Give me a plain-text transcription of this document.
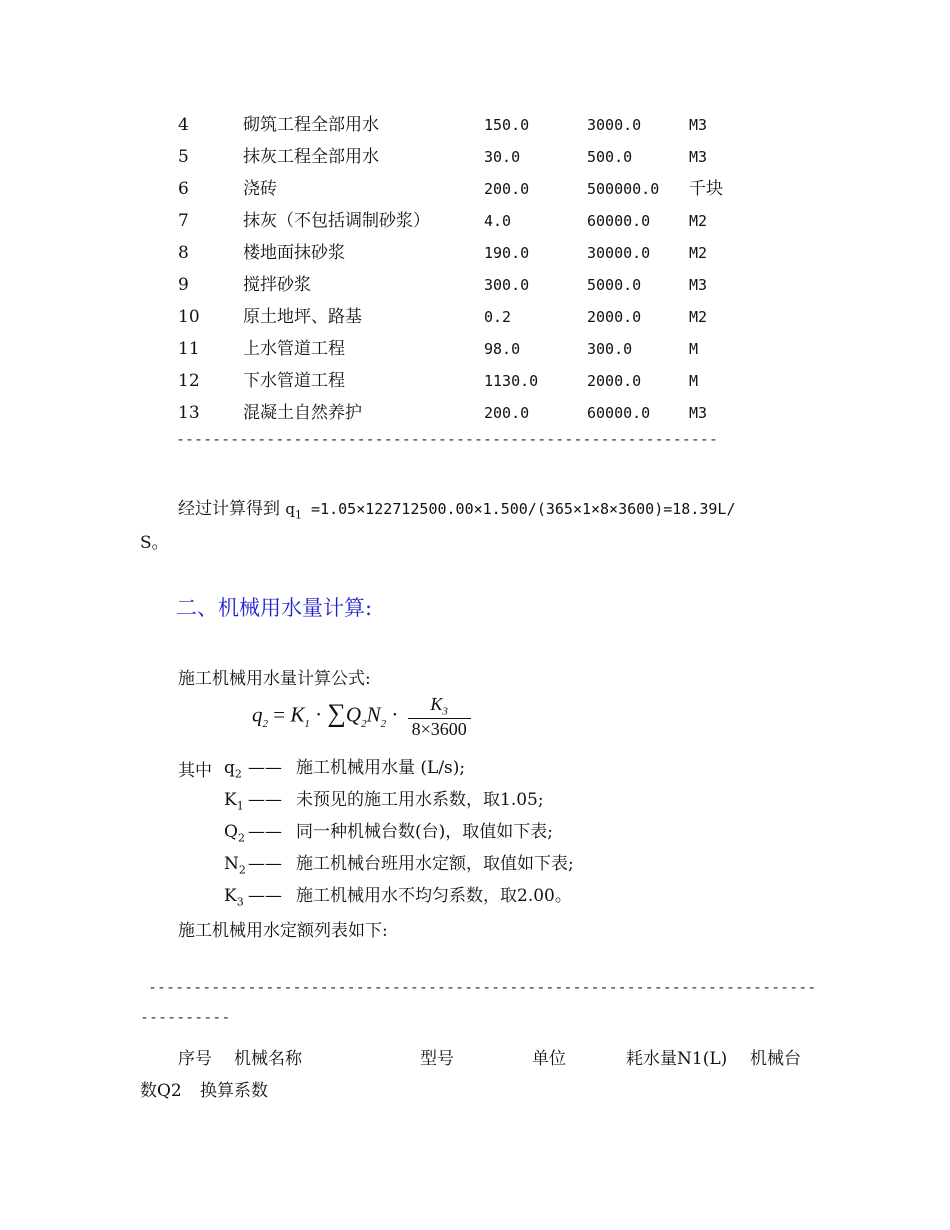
4	砌筑工程全部用水	150.0	3000.0	M3
5	抹灰工程全部用水	30.0	500.0	M3
6	浇砖	200.0	500000.0 千块
7	抹灰（不包括调制砂浆）	4.0	60000.0	M2
8	楼地面抹砂浆	190.0	30000.0	M2
9	搅拌砂浆	300.0	5000.0	M3
10	原土地坪、路基	0.2	2000.0	M2
11	上水管道工程	98.0	300.0	M
12	下水管道工程	1130.0	2000.0	M
13	混凝土自然养护	200.0	60000.0	M3
------------------------------------------------------------
经过计算得到 $q_1 =1.05\times 122712500.00\times 1.500/(365\times 1\times 8\times 3600)=18.39L/$
S。
二、机械用水量计算:
施工机械用水量计算公式:
$q_2 = K_1 \cdot \sum Q_2N_2 \cdot \frac{K_3}{8\times 3600}$
其中 $q_2$ —— 施工机械用水量 (L/s);
$K_1$ —— 未预见的施工用水系数，取1.05;
$Q_2$ —— 同一种机械台数(台)，取值如下表;
$N_2$ —— 施工机械台班用水定额，取值如下表;
$K_3$ —— 施工机械用水不均匀系数，取2.00。
施工机械用水定额列表如下:
--------------------------------------------------------------------------
----------
序号 机械名称	型号	单位	耗水量N1(L) 机械台
数Q2 换算系数
